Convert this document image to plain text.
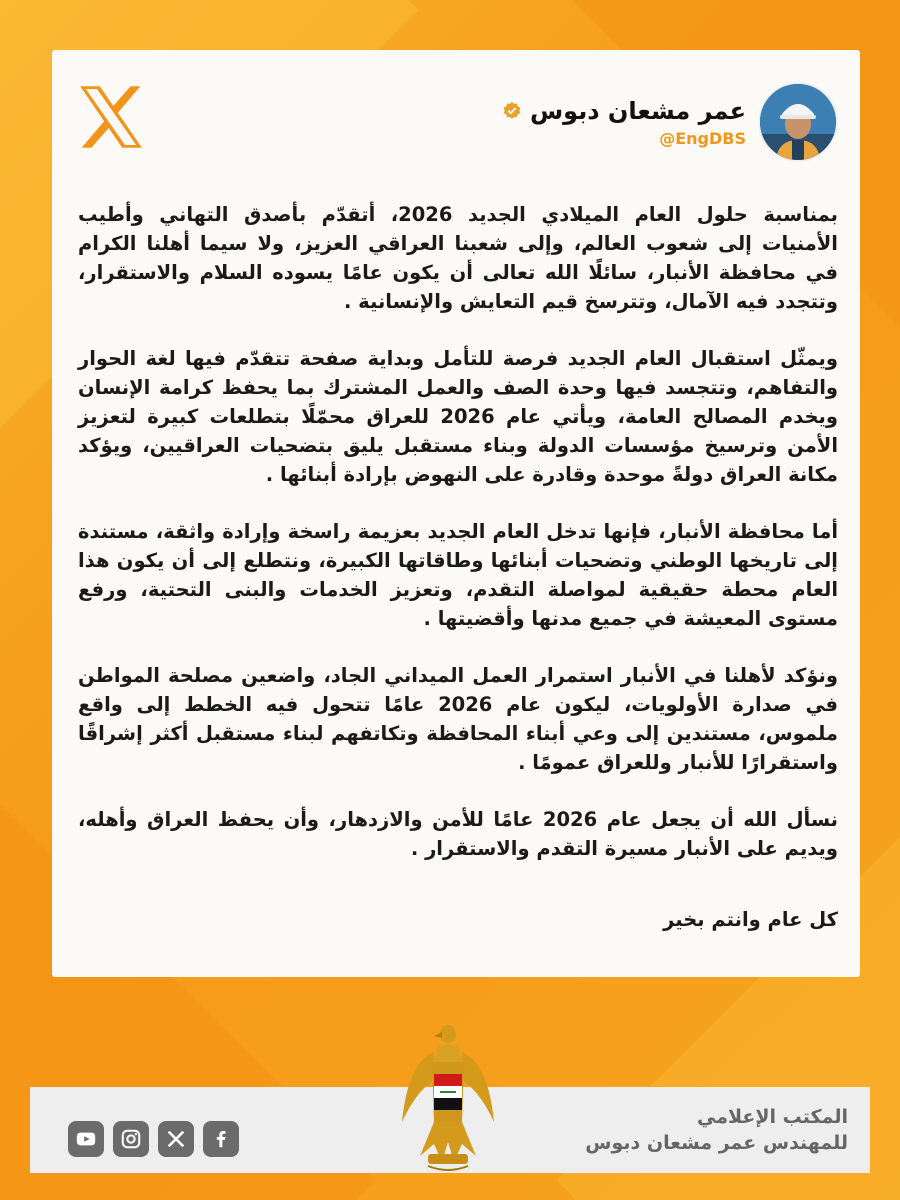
عمر مشعان دبوس
@EngDBS

بمناسبة حلول العام الميلادي الجديد 2026، أتقدّم بأصدق التهاني وأطيب الأمنيات إلى شعوب العالم، وإلى شعبنا العراقي العزيز، ولا سيما أهلنا الكرام في محافظة الأنبار، سائلًا الله تعالى أن يكون عامًا يسوده السلام والاستقرار، وتتجدد فيه الآمال، وتترسخ قيم التعايش والإنسانية .

ويمثّل استقبال العام الجديد فرصة للتأمل وبداية صفحة تتقدّم فيها لغة الحوار والتفاهم، وتتجسد فيها وحدة الصف والعمل المشترك بما يحفظ كرامة الإنسان ويخدم المصالح العامة، ويأتي عام 2026 للعراق محمّلًا بتطلعات كبيرة لتعزيز الأمن وترسيخ مؤسسات الدولة وبناء مستقبل يليق بتضحيات العراقيين، ويؤكد مكانة العراق دولةً موحدة وقادرة على النهوض بإرادة أبنائها .

أما محافظة الأنبار، فإنها تدخل العام الجديد بعزيمة راسخة وإرادة واثقة، مستندة إلى تاريخها الوطني وتضحيات أبنائها وطاقاتها الكبيرة، ونتطلع إلى أن يكون هذا العام محطة حقيقية لمواصلة التقدم، وتعزيز الخدمات والبنى التحتية، ورفع مستوى المعيشة في جميع مدنها وأقضيتها .

ونؤكد لأهلنا في الأنبار استمرار العمل الميداني الجاد، واضعين مصلحة المواطن في صدارة الأولويات، ليكون عام 2026 عامًا تتحول فيه الخطط إلى واقع ملموس، مستندين إلى وعي أبناء المحافظة وتكاتفهم لبناء مستقبل أكثر إشراقًا واستقرارًا للأنبار وللعراق عمومًا .

نسأل الله أن يجعل عام 2026 عامًا للأمن والازدهار، وأن يحفظ العراق وأهله، ويديم على الأنبار مسيرة التقدم والاستقرار .

كل عام وانتم بخير

المكتب الإعلامي
للمهندس عمر مشعان دبوس
